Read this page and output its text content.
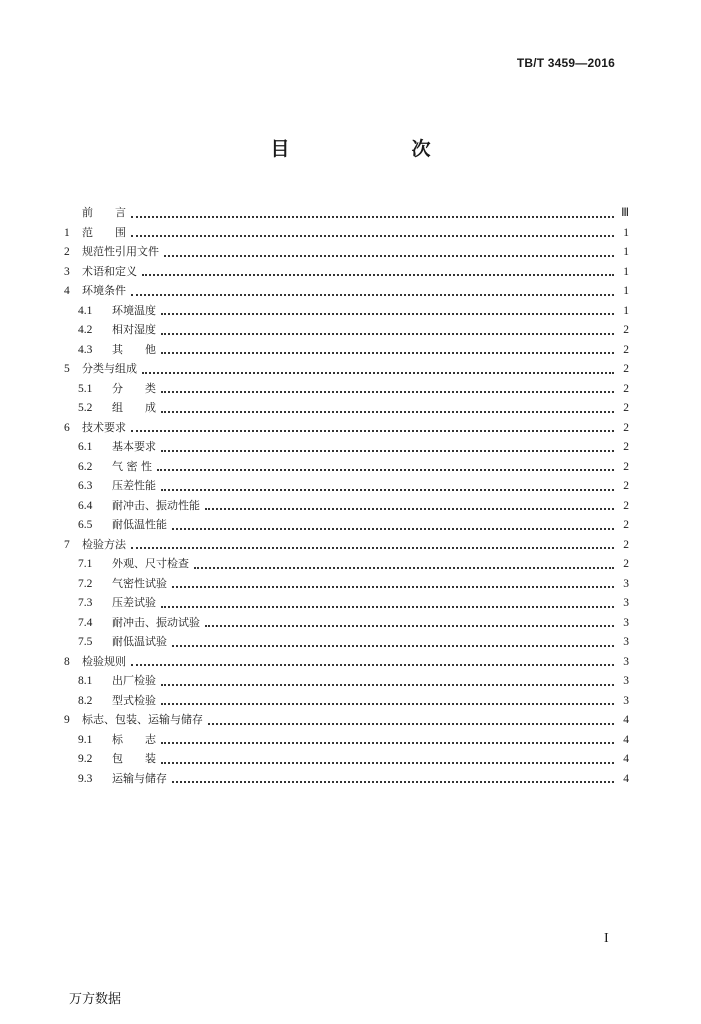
TB/T 3459—2016
目　　次
前　　言	Ⅲ
1	范　　围	1
2	规范性引用文件	1
3	术语和定义	1
4	环境条件	1
4.1	环境温度	1
4.2	相对湿度	2
4.3	其　　他	2
5	分类与组成	2
5.1	分　　类	2
5.2	组　　成	2
6	技术要求	2
6.1	基本要求	2
6.2	气 密 性	2
6.3	压差性能	2
6.4	耐冲击、振动性能	2
6.5	耐低温性能	2
7	检验方法	2
7.1	外观、尺寸检查	2
7.2	气密性试验	3
7.3	压差试验	3
7.4	耐冲击、振动试验	3
7.5	耐低温试验	3
8	检验规则	3
8.1	出厂检验	3
8.2	型式检验	3
9	标志、包装、运输与储存	4
9.1	标　　志	4
9.2	包　　装	4
9.3	运输与储存	4
I
万方数据
